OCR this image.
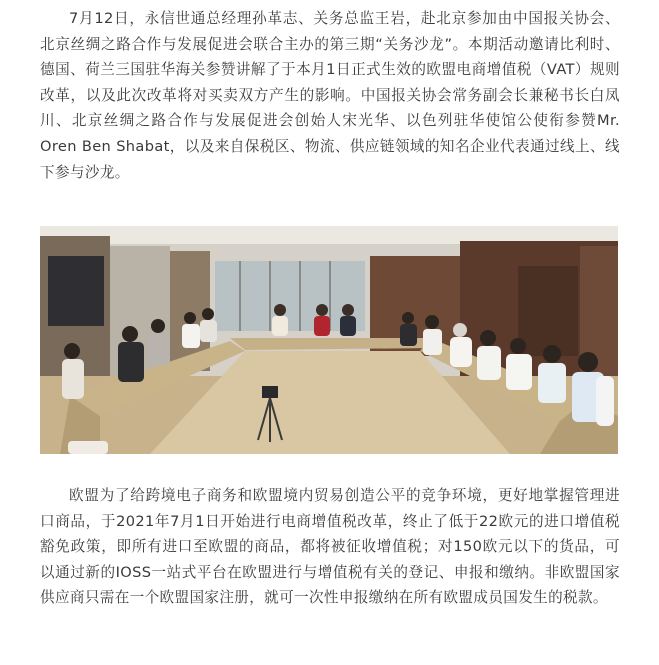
7月12日，永信世通总经理孙革志、关务总监王岩，赴北京参加由中国报关协会、北京丝绸之路合作与发展促进会联合主办的第三期“关务沙龙”。本期活动邀请比利时、德国、荷兰三国驻华海关参赞讲解了于本月1日正式生效的欧盟电商增值税（VAT）规则改革，以及此次改革将对买卖双方产生的影响。中国报关协会常务副会长兼秘书长白凤川、北京丝绸之路合作与发展促进会创始人宋光华、以色列驻华使馆公使衔参赞Mr. Oren Ben Shabat，以及来自保税区、物流、供应链领域的知名企业代表通过线上、线下参与沙龙。

欧盟为了给跨境电子商务和欧盟境内贸易创造公平的竞争环境，更好地掌握管理进口商品，于2021年7月1日开始进行电商增值税改革，终止了低于22欧元的进口增值税豁免政策，即所有进口至欧盟的商品，都将被征收增值税；对150欧元以下的货品，可以通过新的IOSS一站式平台在欧盟进行与增值税有关的登记、申报和缴纳。非欧盟国家供应商只需在一个欧盟国家注册，就可一次性申报缴纳在所有欧盟成员国发生的税款。
